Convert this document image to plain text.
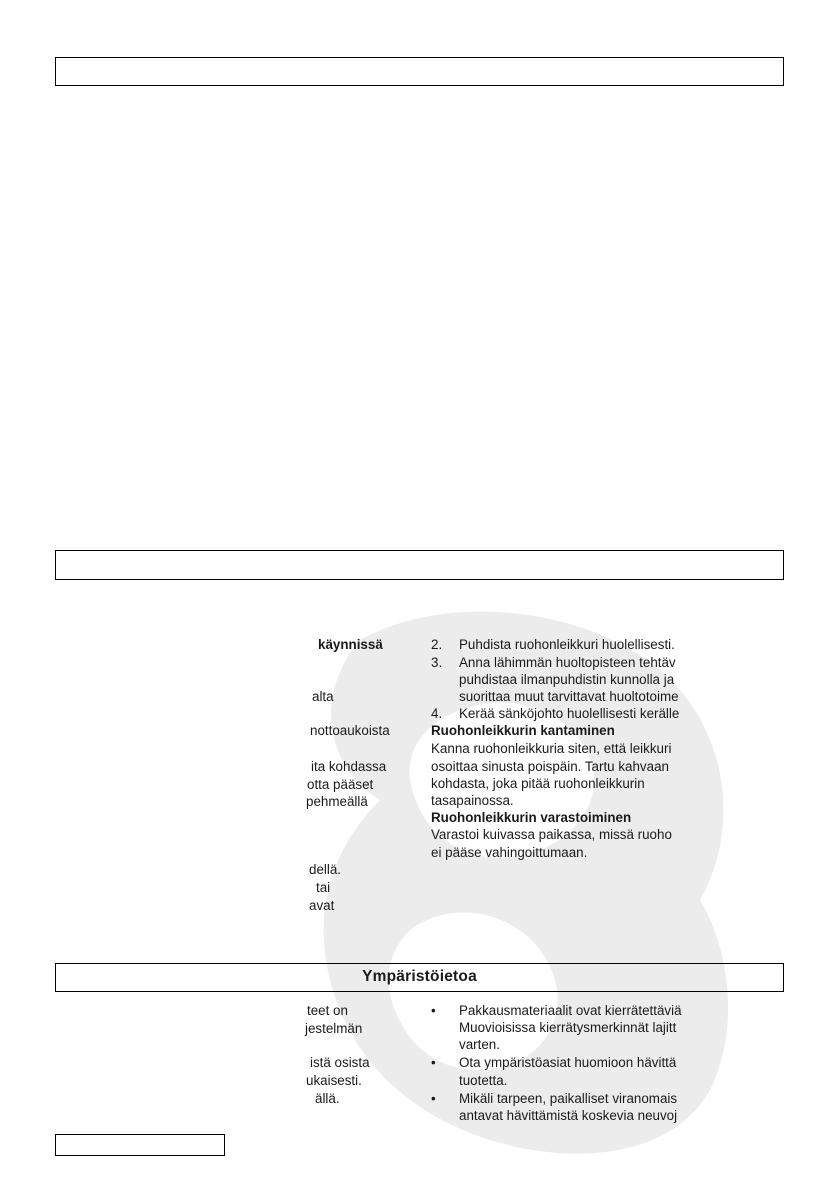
Ympäristöietoa
käynnissä
alta
nottoaukoista
ita kohdassa
otta pääset
pehmeällä
dellä.
tai
avat
2. Puhdista ruohonleikkuri huolellisesti.
3. Anna lähimmän huoltopisteen tehtäv
puhdistaa ilmanpuhdistin kunnolla ja
suorittaa muut tarvittavat huoltotoime
4. Kerää sänköjohto huolellisesti kerälle
Ruohonleikkurin kantaminen
Kanna ruohonleikkuria siten, että leikkuri
osoittaa sinusta poispäin. Tartu kahvaan
kohdasta, joka pitää ruohonleikkurin
tasapainossa.
Ruohonleikkurin varastoiminen
Varastoi kuivassa paikassa, missä ruoho
ei pääse vahingoittumaan.
teet on
jestelmän
istä osista
ukaisesti.
ällä.
• Pakkausmateriaalit ovat kierrätettäviä
Muovioisissa kierrätysmerkinnät lajitt
varten.
• Ota ympäristöasiat huomioon hävittä
tuotetta.
• Mikäli tarpeen, paikalliset viranomais
antavat hävittämistä koskevia neuvoj
